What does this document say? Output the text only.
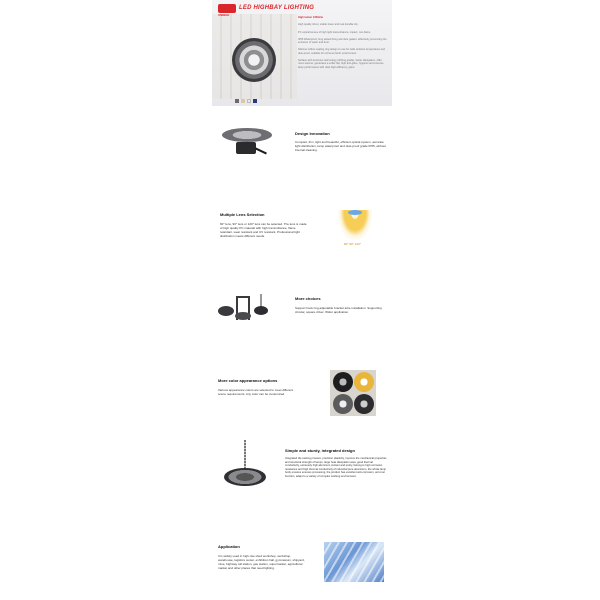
UNIBEE
LED HIGHBAY LIGHTING
High lumen 130lm/w
High quality driver, stable lower and real durable trip.
PC optical lenses of high light transmittance, impact, non-flame
IP65 Waterproof, long tested fixing anti dust gasket, effectively preventing the entrance of water and dust.
Silicone rubber sealing ring design to use for wide ambient temperature and dust-proof, suitable for extreme harsh environment.
Surface with luminous technology (ribbing grade), faster dissipation, offer more warmer, generates a softer flat, high anti-glare, hygienic and ensures lamp performance with ultra-high-efficiency, glare.
Design Innovation
Compact, firm, light and beautiful, efficient optical system, accurate light distribution, lamp waterproof and dust-proof grade IP65, without internal cleaning.
Multiple Lens Selection
60° lens, 90° lens or 120° lens can be selected. The lens is made of high quality PC material with high transmittance, flame retardant, wear resistant and UV resistant. Professional light distribution meets different needs.
60° 90° 120°
More choices
Support hook ring,adjustable bracket,tube installation. Supporting circular, square driver. Wider application.
More color appearance options
Various appearance colors are selected to meet different scene requirements. Any color can be customized.
Simple and sturdy, integrated design
Integrated die casting process, precision plasticity, improve the mechanical properties and structural strength of lamps, large heat dissipation area, good thermal conductivity, extremely high aluminum content and purity, belong to high corrosion resistance and high thermal conductivity of industrial pure aluminium, the whole lamp body ensures ensures processing, the product has excellent anti-corrosion, anti-rust function, adapt to a variety of complex working environment.
Application
It is widely used in high-rise shed workshop, workshop, warehouse, logistics center, exhibition hall, gymnasium, shipyard, mine, highway toll station, gas station, supermarket, agricultural market and other places that need lighting.
